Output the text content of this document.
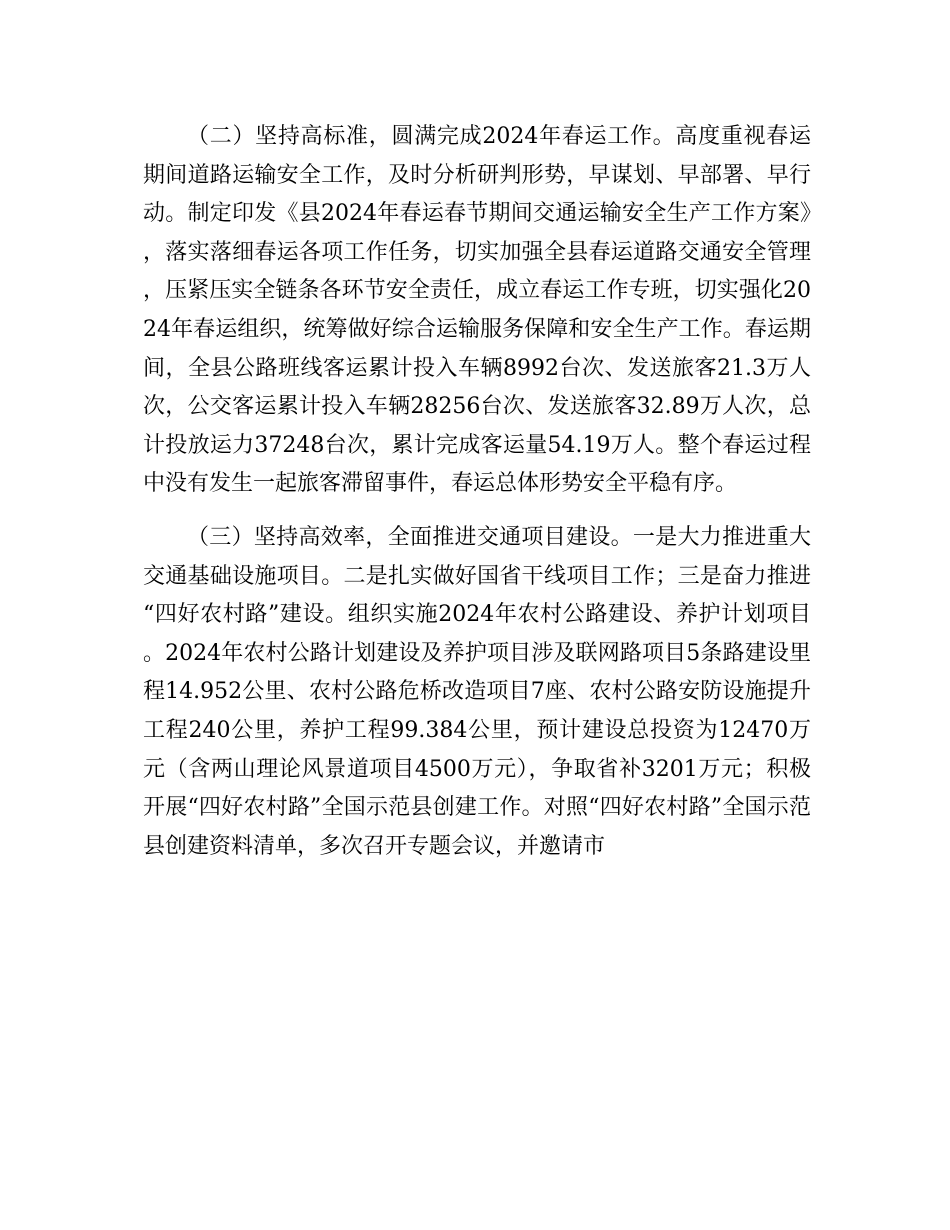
（二）坚持高标准，圆满完成2024年春运工作。高度重视春运期间道路运输安全工作，及时分析研判形势，早谋划、早部署、早行动。制定印发《县2024年春运春节期间交通运输安全生产工作方案》，落实落细春运各项工作任务，切实加强全县春运道路交通安全管理，压紧压实全链条各环节安全责任，成立春运工作专班，切实强化2024年春运组织，统筹做好综合运输服务保障和安全生产工作。春运期间，全县公路班线客运累计投入车辆8992台次、发送旅客21.3万人次，公交客运累计投入车辆28256台次、发送旅客32.89万人次，总计投放运力37248台次，累计完成客运量54.19万人。整个春运过程中没有发生一起旅客滞留事件，春运总体形势安全平稳有序。

（三）坚持高效率，全面推进交通项目建设。一是大力推进重大交通基础设施项目。二是扎实做好国省干线项目工作；三是奋力推进“四好农村路”建设。组织实施2024年农村公路建设、养护计划项目。2024年农村公路计划建设及养护项目涉及联网路项目5条路建设里程14.952公里、农村公路危桥改造项目7座、农村公路安防设施提升工程240公里，养护工程99.384公里，预计建设总投资为12470万元（含两山理论风景道项目4500万元），争取省补3201万元；积极开展“四好农村路”全国示范县创建工作。对照“四好农村路”全国示范县创建资料清单，多次召开专题会议，并邀请市
